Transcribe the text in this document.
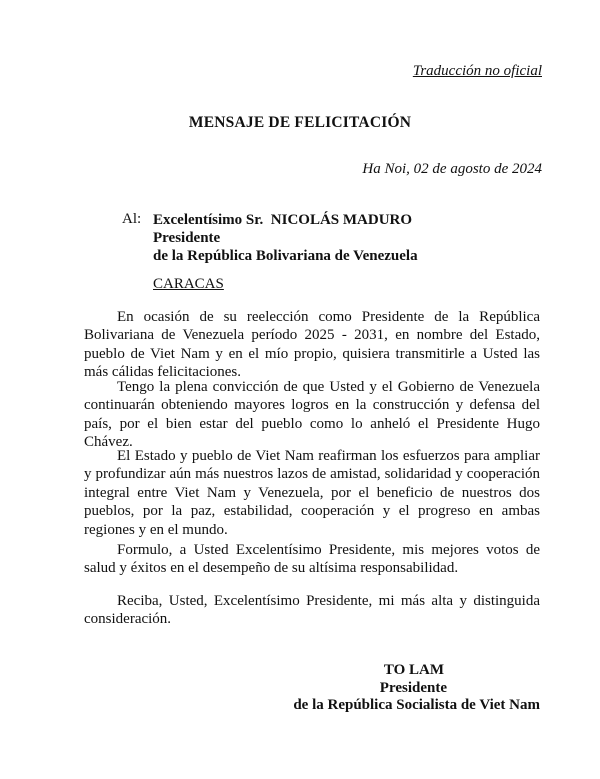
Traducción no oficial

MENSAJE DE FELICITACIÓN

Ha Noi, 02 de agosto de 2024

Al: Excelentísimo Sr.  NICOLÁS MADURO
Presidente
de la República Bolivariana de Venezuela
CARACAS

En ocasión de su reelección como Presidente de la República Bolivariana de Venezuela período 2025 - 2031, en nombre del Estado, pueblo de Viet Nam y en el mío propio, quisiera transmitirle a Usted las más cálidas felicitaciones.

Tengo la plena convicción de que Usted y el Gobierno de Venezuela continuarán obteniendo mayores logros en la construcción y defensa del país, por el bien estar del pueblo como lo anheló el Presidente Hugo Chávez.

El Estado y pueblo de Viet Nam reafirman los esfuerzos para ampliar y profundizar aún más nuestros lazos de amistad, solidaridad y cooperación integral entre Viet Nam y Venezuela, por el beneficio de nuestros dos pueblos, por la paz, estabilidad, cooperación y el progreso en ambas regiones y en el mundo.

Formulo, a Usted Excelentísimo Presidente, mis mejores votos de salud y éxitos en el desempeño de su altísima responsabilidad.

Reciba, Usted, Excelentísimo Presidente, mi más alta y distinguida consideración.

TO LAM
Presidente
de la República Socialista de Viet Nam
